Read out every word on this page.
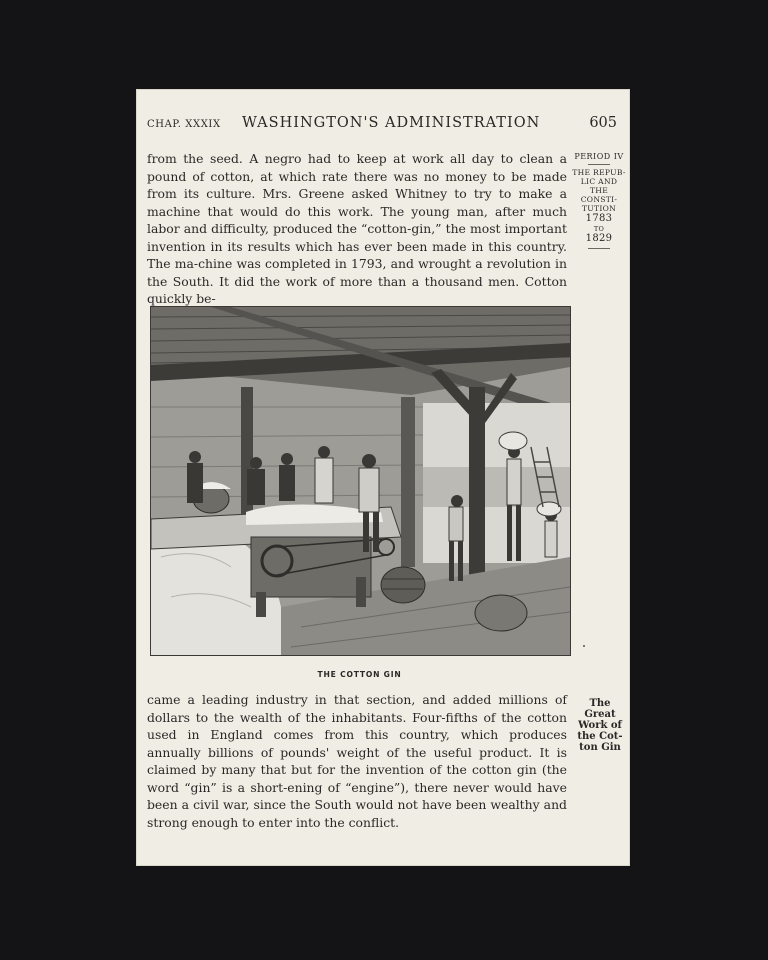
CHAP. XXXIX WASHINGTON'S ADMINISTRATION	605

from the seed. A negro had to keep at work all day to clean a pound of cotton, at which rate there was no money to be made from its culture. Mrs. Greene asked Whitney to try to make a machine that would do this work. The young man, after much labor and difficulty, produced the “cotton-gin,” the most important invention in its results which has ever been made in this country. The ma-chine was completed in 1793, and wrought a revolution in the South. It did the work of more than a thousand men. Cotton quickly be-

PERIOD IV
THE REPUB-
LIC AND
THE CONSTI-
TUTION
1783
TO
1829
THE COTTON GIN

came a leading industry in that section, and added millions of dollars to the wealth of the inhabitants. Four-fifths of the cotton used in England comes from this country, which produces annually billions of pounds' weight of the useful product. It is claimed by many that but for the invention of the cotton gin (the word “gin” is a short-ening of “engine”), there never would have been a civil war, since the South would not have been wealthy and strong enough to enter into the conflict.

The
Great
Work of
the Cot-
ton Gin
